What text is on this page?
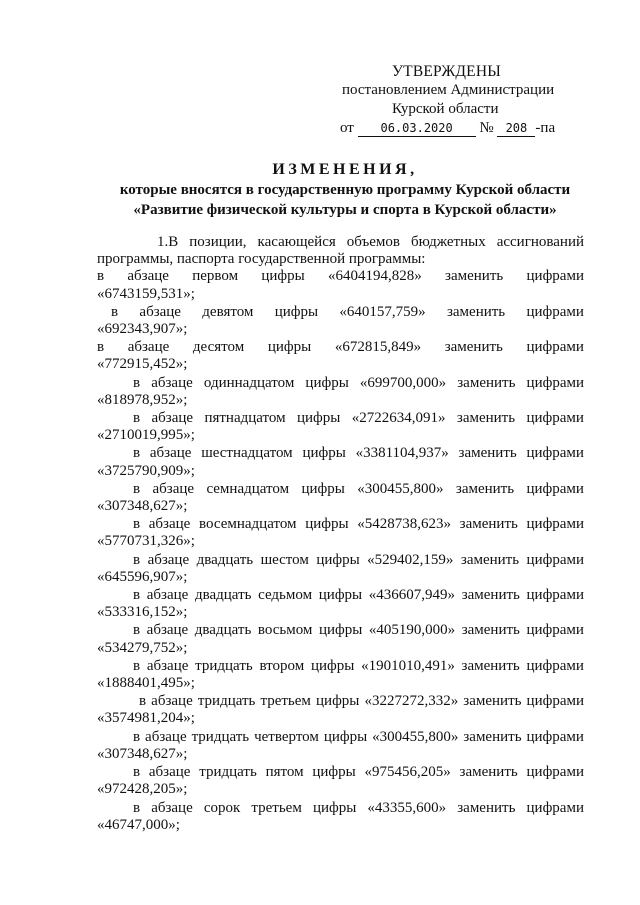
УТВЕРЖДЕНЫ
постановлением Администрации
Курской области
от 06.03.2020 № 208 -па
ИЗМЕНЕНИЯ,
которые вносятся в государственную программу Курской области
«Развитие физической культуры и спорта в Курской области»
1.В позиции, касающейся объемов бюджетных ассигнований программы, паспорта государственной программы:
в абзаце первом цифры «6404194,828» заменить цифрами
«6743159,531»;
в абзаце девятом цифры «640157,759» заменить цифрами
«692343,907»;
в абзаце десятом цифры «672815,849» заменить цифрами
«772915,452»;
в абзаце одиннадцатом цифры «699700,000» заменить цифрами
«818978,952»;
в абзаце пятнадцатом цифры «2722634,091» заменить цифрами
«2710019,995»;
в абзаце шестнадцатом цифры «3381104,937» заменить цифрами
«3725790,909»;
в абзаце семнадцатом цифры «300455,800» заменить цифрами
«307348,627»;
в абзаце восемнадцатом цифры «5428738,623» заменить цифрами
«5770731,326»;
в абзаце двадцать шестом цифры «529402,159» заменить цифрами
«645596,907»;
в абзаце двадцать седьмом цифры «436607,949» заменить цифрами
«533316,152»;
в абзаце двадцать восьмом цифры «405190,000» заменить цифрами
«534279,752»;
в абзаце тридцать втором цифры «1901010,491» заменить цифрами
«1888401,495»;
в абзаце тридцать третьем цифры «3227272,332» заменить цифрами
«3574981,204»;
в абзаце тридцать четвертом цифры «300455,800» заменить цифрами
«307348,627»;
в абзаце тридцать пятом цифры «975456,205» заменить цифрами
«972428,205»;
в абзаце сорок третьем цифры «43355,600» заменить цифрами
«46747,000»;
